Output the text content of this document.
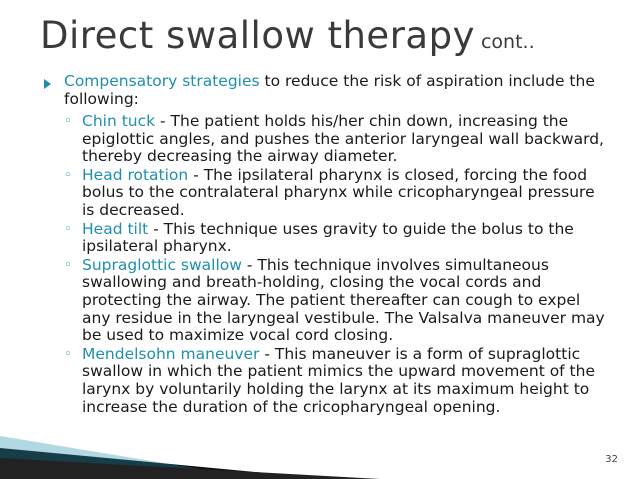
Direct swallow therapy cont..
Compensatory strategies to reduce the risk of aspiration include the following:
◦ Chin tuck - The patient holds his/her chin down, increasing the epiglottic angles, and pushes the anterior laryngeal wall backward, thereby decreasing the airway diameter.
◦ Head rotation - The ipsilateral pharynx is closed, forcing the food bolus to the contralateral pharynx while cricopharyngeal pressure is decreased.
◦ Head tilt - This technique uses gravity to guide the bolus to the ipsilateral pharynx.
◦ Supraglottic swallow - This technique involves simultaneous swallowing and breath-holding, closing the vocal cords and protecting the airway. The patient thereafter can cough to expel any residue in the laryngeal vestibule. The Valsalva maneuver may be used to maximize vocal cord closing.
◦ Mendelsohn maneuver - This maneuver is a form of supraglottic swallow in which the patient mimics the upward movement of the larynx by voluntarily holding the larynx at its maximum height to increase the duration of the cricopharyngeal opening.
32
